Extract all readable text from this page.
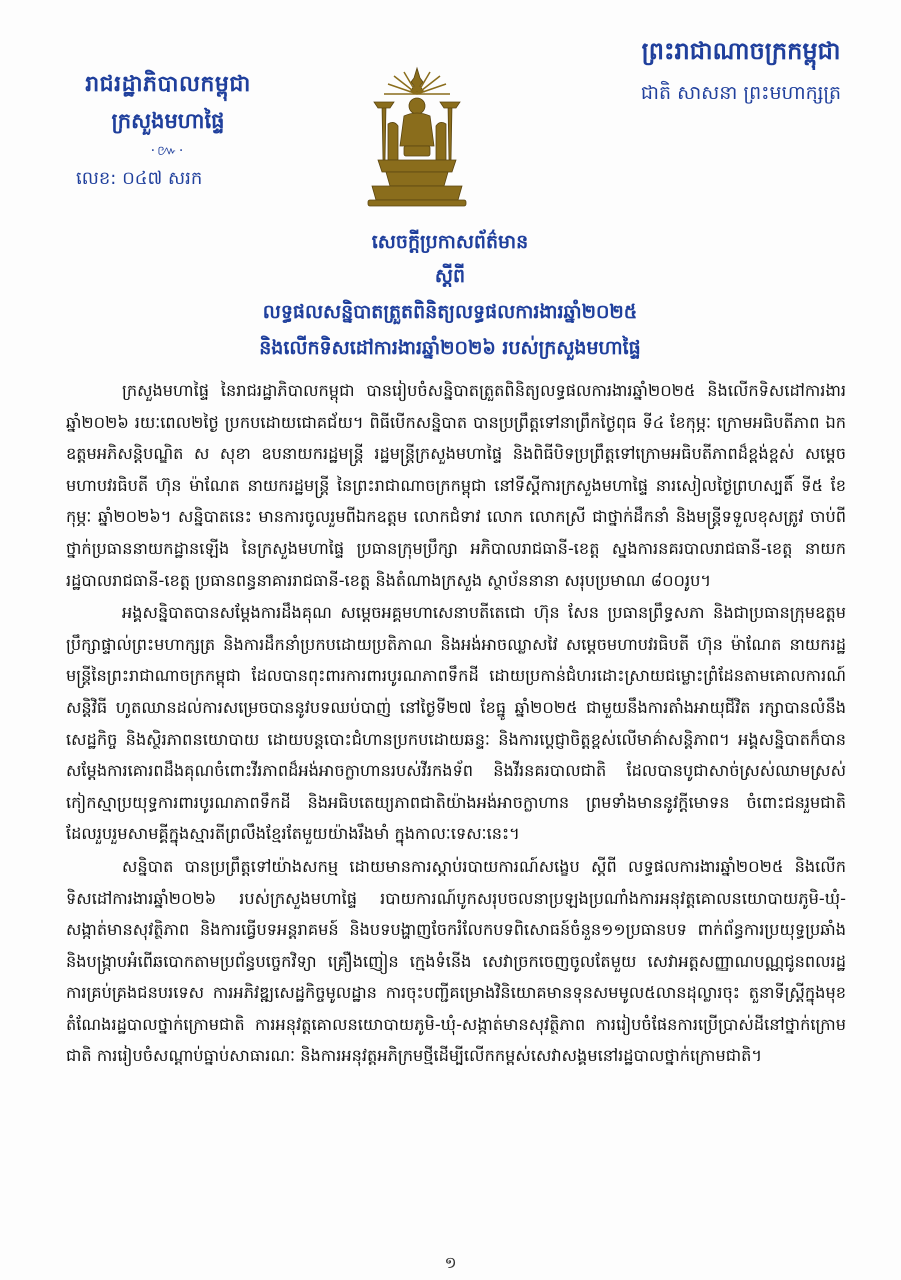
រាជរដ្ឋាភិបាលកម្ពុជា
ក្រសួងមហាផ្ទៃ
·៚·
លេខ: ០៤៧ សរក
ព្រះរាជាណាចក្រកម្ពុជា
ជាតិ សាសនា ព្រះមហាក្សត្រ
សេចក្តីប្រកាសព័ត៌មាន
ស្តីពី
លទ្ធផលសន្និបាតត្រួតពិនិត្យលទ្ធផលការងារឆ្នាំ២០២៥
និងលើកទិសដៅការងារឆ្នាំ២០២៦ របស់ក្រសួងមហាផ្ទៃ

ក្រសួងមហាផ្ទៃ នៃរាជរដ្ឋាភិបាលកម្ពុជា បានរៀបចំសន្និបាតត្រួតពិនិត្យលទ្ធផលការងារឆ្នាំ២០២៥ និងលើកទិសដៅការងារ ឆ្នាំ២០២៦ រយៈពេល២ថ្ងៃ ប្រកបដោយជោគជ័យ។ ពិធីបើកសន្និបាត បានប្រព្រឹត្តទៅនាព្រឹកថ្ងៃពុធ ទី៤ ខែកុម្ភៈ ក្រោមអធិបតីភាព ឯកឧត្តមអភិសន្តិបណ្ឌិត ស សុខា ឧបនាយករដ្ឋមន្ត្រី រដ្ឋមន្ត្រីក្រសួងមហាផ្ទៃ និងពិធីបិទប្រព្រឹត្តទៅក្រោមអធិបតីភាពដ៏ខ្ពង់ខ្ពស់ សម្តេចមហាបវរធិបតី ហ៊ុន ម៉ាណែត នាយករដ្ឋមន្ត្រី នៃព្រះរាជាណាចក្រកម្ពុជា នៅទីស្តីការក្រសួងមហាផ្ទៃ នារសៀលថ្ងៃព្រហស្បតិ៍ ទី៥ ខែកុម្ភៈ ឆ្នាំ២០២៦។ សន្និបាតនេះ មានការចូលរួមពីឯកឧត្តម លោកជំទាវ លោក លោកស្រី ជាថ្នាក់ដឹកនាំ និងមន្ត្រីទទួលខុសត្រូវ ចាប់ពីថ្នាក់ប្រធាននាយកដ្ឋានឡើង នៃក្រសួងមហាផ្ទៃ ប្រធានក្រុមប្រឹក្សា អភិបាលរាជធានី-ខេត្ត ស្នងការនគរបាលរាជធានី-ខេត្ត នាយករដ្ឋបាលរាជធានី-ខេត្ត ប្រធានពន្ធនាគាររាជធានី-ខេត្ត និងតំណាងក្រសួង ស្ថាប័ននានា សរុបប្រមាណ ៨០០រូប។

អង្គសន្និបាតបានសម្តែងការដឹងគុណ សម្តេចអគ្គមហាសេនាបតីតេជោ ហ៊ុន សែន ប្រធានព្រឹទ្ធសភា និងជាប្រធានក្រុមឧត្តមប្រឹក្សាផ្ទាល់ព្រះមហាក្សត្រ និងការដឹកនាំប្រកបដោយប្រតិភាណ និងអង់អាចឈ្លាសវៃ សម្តេចមហាបវរធិបតី ហ៊ុន ម៉ាណែត នាយករដ្ឋមន្ត្រីនៃព្រះរាជាណាចក្រកម្ពុជា ដែលបានពុះពារការពារបូរណភាពទឹកដី ដោយប្រកាន់ជំហរដោះស្រាយជម្លោះព្រំដែនតាមគោលការណ៍សន្តិវិធី ហូតឈានដល់ការសម្រេចបាននូវបទឈប់បាញ់ នៅថ្ងៃទី២៧ ខែធ្នូ ឆ្នាំ២០២៥ ជាមួយនឹងការតាំងអាយុជីវិត រក្សាបានលំនឹងសេដ្ឋកិច្ច និងស្ថិរភាពនយោបាយ ដោយបន្តបោះជំហានប្រកបដោយឆន្ទៈ និងការប្តេជ្ញាចិត្តខ្ពស់លើមាគ៌ាសន្តិភាព។ អង្គសន្និបាតក៏បានសម្តែងការគោរពដឹងគុណចំពោះវីរភាពដ៏អង់អាចក្លាហានរបស់វីរកងទ័ព និងវីរនគរបាលជាតិ ដែលបានបូជាសាច់ស្រស់ឈាមស្រស់ កៀកស្មាប្រយុទ្ធការពារបូរណភាពទឹកដី និងអធិបតេយ្យភាពជាតិយ៉ាងអង់អាចក្លាហាន ព្រមទាំងមាននូវក្តីមោទន ចំពោះជនរួមជាតិ ដែលរួបរួមសាមគ្គីក្នុងស្មារតីព្រលឹងខ្មែរតែមួយយ៉ាងរឹងមាំ ក្នុងកាលៈទេសៈនេះ។

សន្និបាត បានប្រព្រឹត្តទៅយ៉ាងសកម្ម ដោយមានការស្តាប់របាយការណ៍សង្ខេប ស្តីពី លទ្ធផលការងារឆ្នាំ២០២៥ និងលើកទិសដៅការងារឆ្នាំ២០២៦ របស់ក្រសួងមហាផ្ទៃ របាយការណ៍បូកសរុបចលនាប្រឡងប្រណាំងការអនុវត្តគោលនយោបាយភូមិ-ឃុំ-សង្កាត់មានសុវត្ថិភាព និងការធ្វើបទអន្តរាគមន៍ និងបទបង្ហាញចែករំលែកបទពិសោធន៍ចំនួន១១ប្រធានបទ ពាក់ព័ន្ធការប្រយុទ្ធប្រឆាំង និងបង្ក្រាបអំពើឆបោកតាមប្រព័ន្ធបច្ចេកវិទ្យា គ្រឿងញៀន ក្មេងទំនើង សេវាច្រកចេញចូលតែមួយ សេវាអត្តសញ្ញាណបណ្ណជូនពលរដ្ឋ ការគ្រប់គ្រងជនបរទេស ការអភិវឌ្ឍសេដ្ឋកិច្ចមូលដ្ឋាន ការចុះបញ្ជីគម្រោងវិនិយោគមានទុនសមមូល៥លានដុល្លារចុះ តួនាទីស្ត្រីក្នុងមុខតំណែងរដ្ឋបាលថ្នាក់ក្រោមជាតិ ការអនុវត្តគោលនយោបាយភូមិ-ឃុំ-សង្កាត់មានសុវត្ថិភាព ការរៀបចំផែនការប្រើប្រាស់ដីនៅថ្នាក់ក្រោមជាតិ ការរៀបចំសណ្តាប់ធ្នាប់សាធារណៈ និងការអនុវត្តអភិក្រមថ្មីដើម្បីលើកកម្ពស់សេវាសង្គមនៅរដ្ឋបាលថ្នាក់ក្រោមជាតិ។

១
